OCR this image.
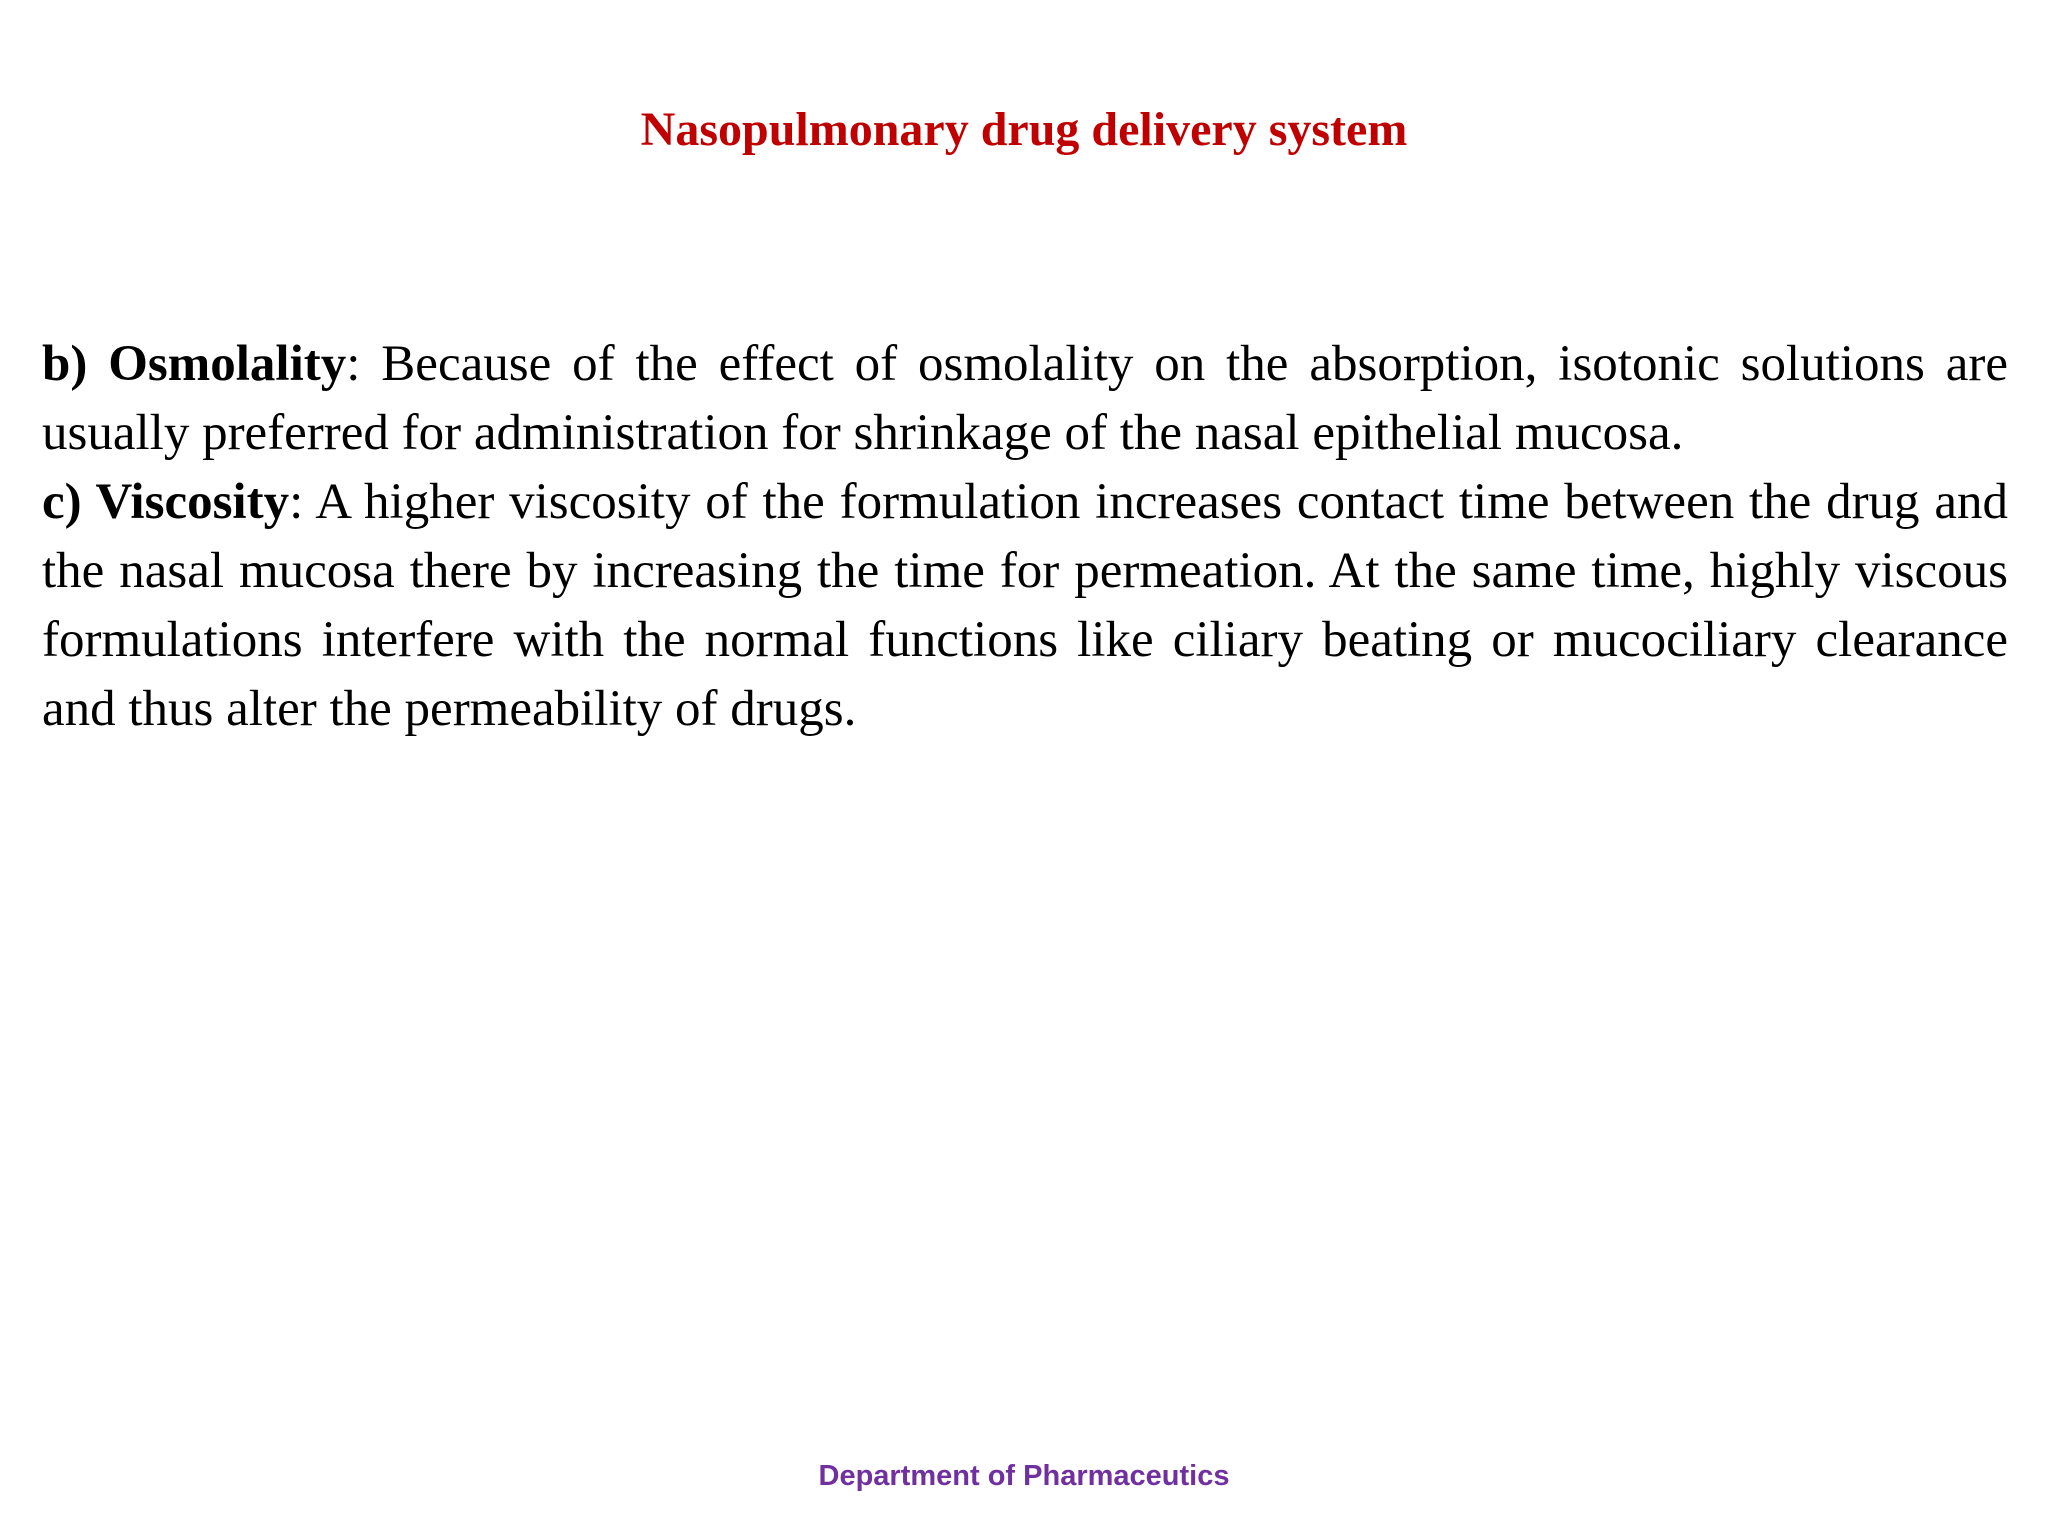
Nasopulmonary drug delivery system

b) Osmolality: Because of the effect of osmolality on the absorption, isotonic solutions are usually preferred for administration for shrinkage of the nasal epithelial mucosa.

c) Viscosity: A higher viscosity of the formulation increases contact time between the drug and the nasal mucosa there by increasing the time for permeation. At the same time, highly viscous formulations interfere with the normal functions like ciliary beating or mucociliary clearance and thus alter the permeability of drugs.

Department of Pharmaceutics
